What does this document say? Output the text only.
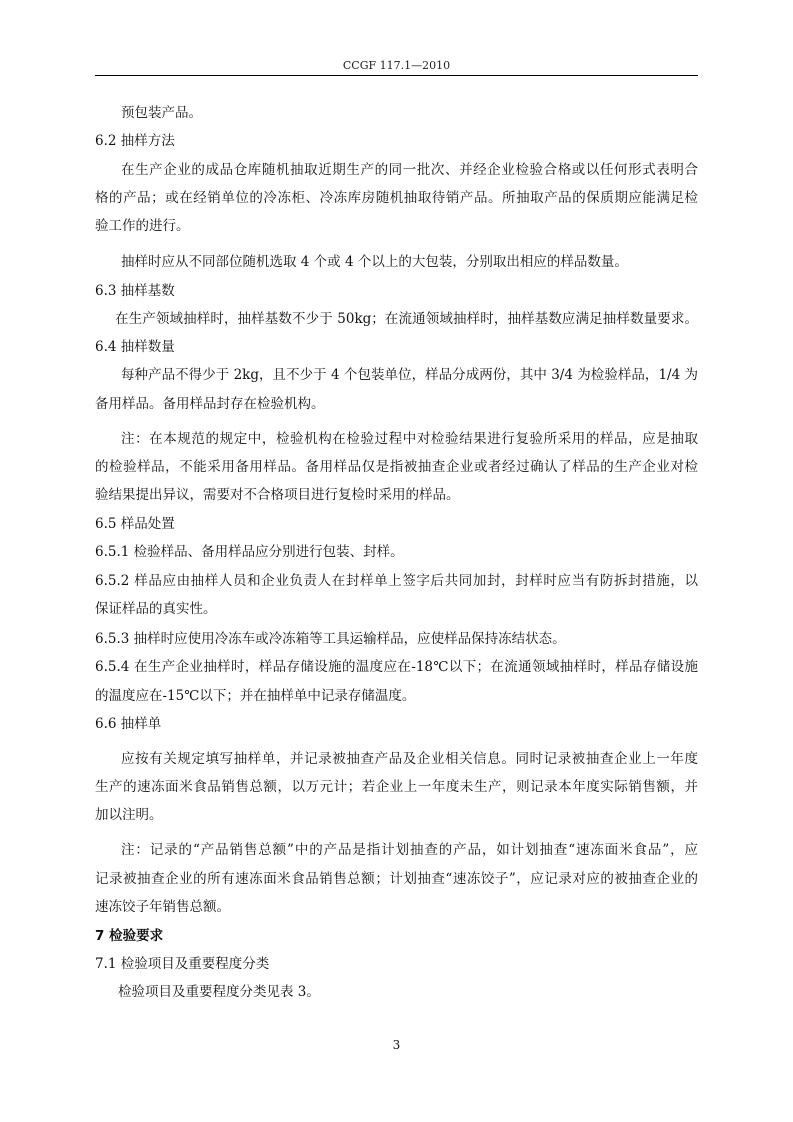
CCGF 117.1—2010
预包装产品。
6.2 抽样方法
在生产企业的成品仓库随机抽取近期生产的同一批次、并经企业检验合格或以任何形式表明合
格的产品；或在经销单位的冷冻柜、冷冻库房随机抽取待销产品。所抽取产品的保质期应能满足检
验工作的进行。
抽样时应从不同部位随机选取 4 个或 4 个以上的大包装，分别取出相应的样品数量。
6.3 抽样基数
在生产领域抽样时，抽样基数不少于 50kg；在流通领域抽样时，抽样基数应满足抽样数量要求。
6.4 抽样数量
每种产品不得少于 2kg，且不少于 4 个包装单位，样品分成两份，其中 3/4 为检验样品，1/4 为
备用样品。备用样品封存在检验机构。
注：在本规范的规定中，检验机构在检验过程中对检验结果进行复验所采用的样品，应是抽取
的检验样品，不能采用备用样品。备用样品仅是指被抽查企业或者经过确认了样品的生产企业对检
验结果提出异议，需要对不合格项目进行复检时采用的样品。
6.5 样品处置
6.5.1 检验样品、备用样品应分别进行包装、封样。
6.5.2 样品应由抽样人员和企业负责人在封样单上签字后共同加封，封样时应当有防拆封措施，以
保证样品的真实性。
6.5.3 抽样时应使用冷冻车或冷冻箱等工具运输样品，应使样品保持冻结状态。
6.5.4 在生产企业抽样时，样品存储设施的温度应在-18℃以下；在流通领域抽样时，样品存储设施
的温度应在-15℃以下；并在抽样单中记录存储温度。
6.6 抽样单
应按有关规定填写抽样单，并记录被抽查产品及企业相关信息。同时记录被抽查企业上一年度
生产的速冻面米食品销售总额，以万元计；若企业上一年度未生产，则记录本年度实际销售额，并
加以注明。
注：记录的“产品销售总额”中的产品是指计划抽查的产品，如计划抽查“速冻面米食品”，应
记录被抽查企业的所有速冻面米食品销售总额；计划抽查“速冻饺子”，应记录对应的被抽查企业的
速冻饺子年销售总额。
7 检验要求
7.1 检验项目及重要程度分类
检验项目及重要程度分类见表 3。
3
